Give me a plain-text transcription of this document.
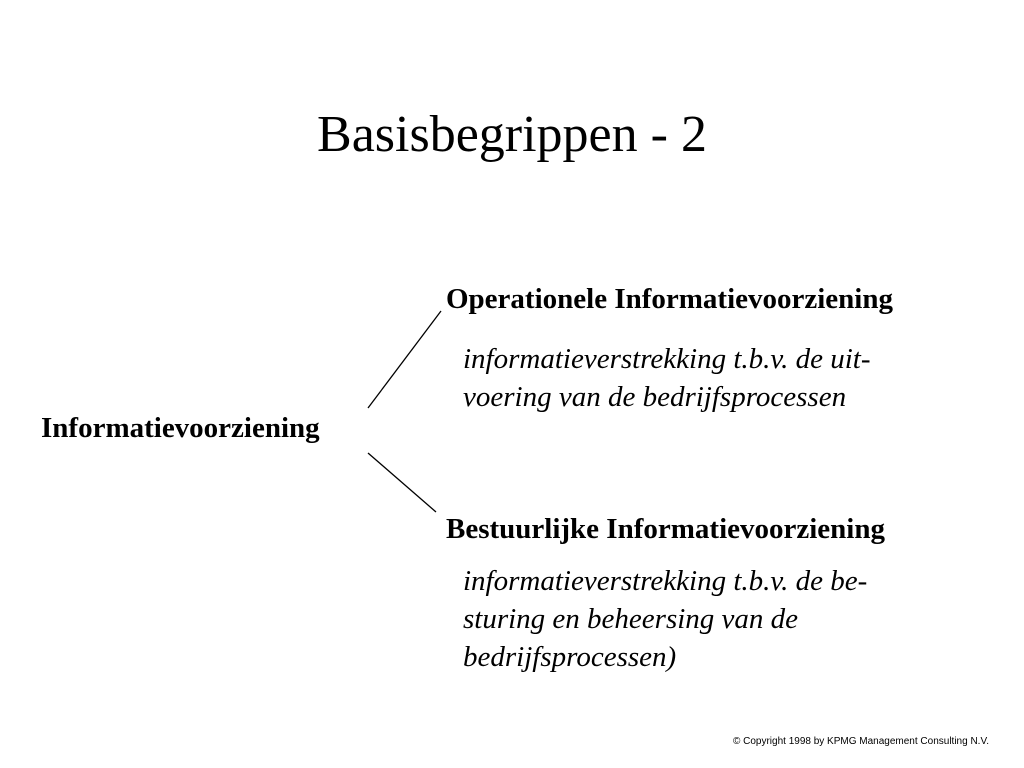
Basisbegrippen - 2
Informatievoorziening
Operationele Informatievoorziening
informatieverstrekking t.b.v. de uit-
voering van de bedrijfsprocessen
Bestuurlijke Informatievoorziening
informatieverstrekking t.b.v. de be-
sturing en beheersing van de
bedrijfsprocessen)
© Copyright 1998 by KPMG Management Consulting N.V.
